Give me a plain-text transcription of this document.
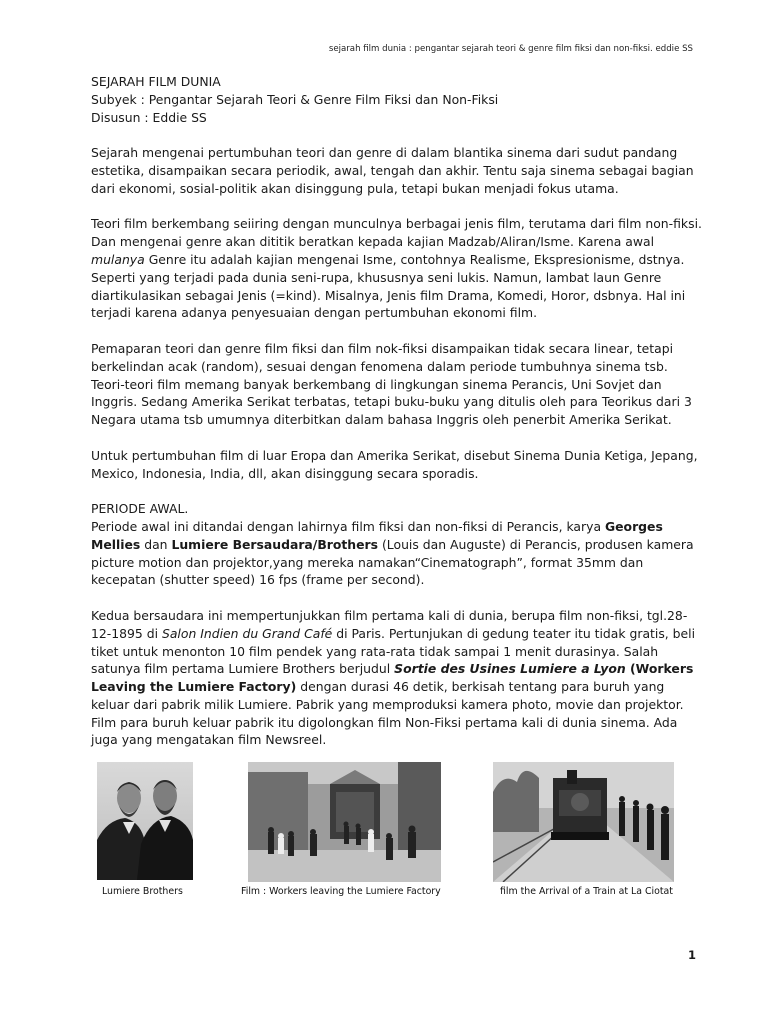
sejarah film dunia : pengantar sejarah teori & genre film fiksi dan non-fiksi. eddie SS

SEJARAH FILM DUNIA

Subyek : Pengantar Sejarah Teori & Genre Film Fiksi dan Non-Fiksi

Disusun : Eddie SS

Sejarah mengenai pertumbuhan teori dan genre di dalam blantika sinema dari sudut pandang estetika, disampaikan secara periodik, awal, tengah dan akhir. Tentu saja sinema sebagai bagian dari ekonomi, sosial-politik akan disinggung pula, tetapi bukan menjadi fokus utama.

Teori film berkembang seiiring dengan munculnya berbagai jenis film, terutama dari film non-fiksi. Dan mengenai genre akan dititik beratkan kepada kajian Madzab/Aliran/Isme. Karena awal mulanya Genre itu adalah kajian mengenai Isme, contohnya Realisme, Ekspresionisme, dstnya. Seperti yang terjadi pada dunia seni-rupa, khususnya seni lukis. Namun, lambat laun Genre diartikulasikan sebagai Jenis (=kind). Misalnya, Jenis film Drama, Komedi, Horor, dsbnya. Hal ini terjadi karena adanya penyesuaian dengan pertumbuhan ekonomi film.

Pemaparan teori dan genre film fiksi dan film nok-fiksi disampaikan tidak secara linear, tetapi berkelindan acak (random), sesuai dengan fenomena dalam periode tumbuhnya sinema tsb. Teori-teori film memang banyak berkembang di lingkungan sinema Perancis, Uni Sovjet dan Inggris. Sedang Amerika Serikat terbatas, tetapi buku-buku yang ditulis oleh para Teorikus dari 3 Negara utama tsb umumnya diterbitkan dalam bahasa Inggris oleh penerbit Amerika Serikat.

Untuk pertumbuhan film di luar Eropa dan Amerika Serikat, disebut Sinema Dunia Ketiga, Jepang, Mexico, Indonesia, India, dll, akan disinggung secara sporadis.

PERIODE AWAL.

Periode awal ini ditandai dengan lahirnya film fiksi dan non-fiksi di Perancis, karya Georges Mellies dan Lumiere Bersaudara/Brothers (Louis dan Auguste) di Perancis, produsen kamera picture motion dan projektor,yang mereka namakan“Cinematograph”, format 35mm dan kecepatan (shutter speed) 16 fps (frame per second).

Kedua bersaudara ini mempertunjukkan film pertama kali di dunia, berupa film non-fiksi, tgl.28-12-1895 di Salon Indien du Grand Café di Paris. Pertunjukan di gedung teater itu tidak gratis, beli tiket untuk menonton 10 film pendek yang rata-rata tidak sampai 1 menit durasinya. Salah satunya film pertama Lumiere Brothers berjudul Sortie des Usines Lumiere a Lyon (Workers Leaving the Lumiere Factory) dengan durasi 46 detik, berkisah tentang para buruh yang keluar dari pabrik milik Lumiere. Pabrik yang memproduksi kamera photo, movie dan projektor. Film para buruh keluar pabrik itu digolongkan film Non-Fiksi pertama kali di dunia sinema. Ada juga yang mengatakan film Newsreel.

Lumiere Brothers	Film : Workers leaving the Lumiere Factory	film the Arrival of a Train at La Ciotat
1
